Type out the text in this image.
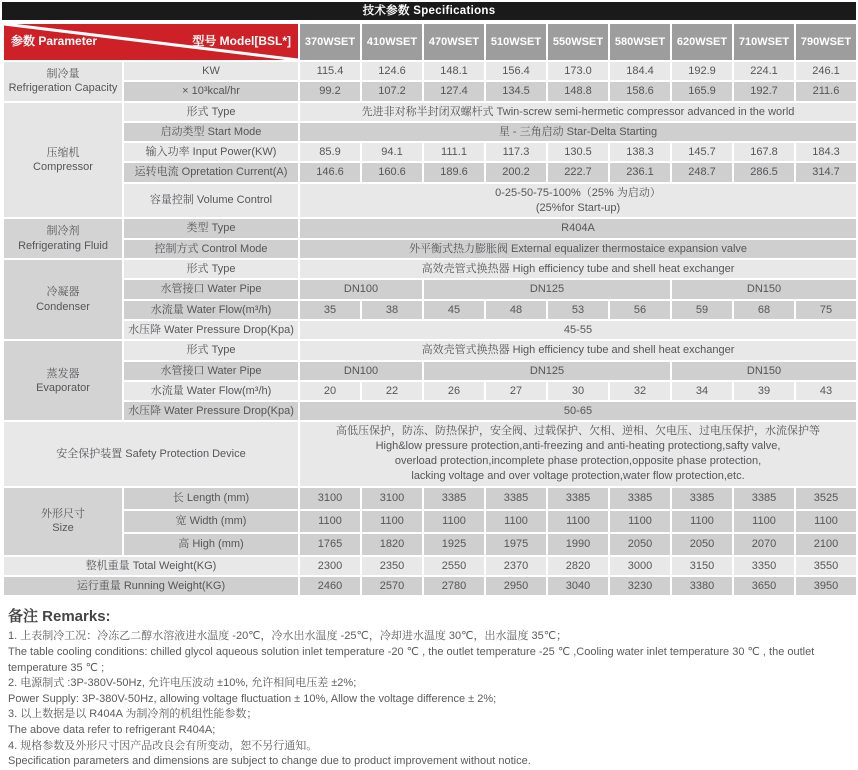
技术参数 Specifications
参数 Parameter 型号 Model[BSL*]		370WSET	410WSET	470WSET	510WSET	550WSET	580WSET	620WSET	710WSET	790WSET
制冷量
Refrigeration Capacity	KW	115.4	124.6	148.1	156.4	173.0	184.4	192.9	224.1	246.1
	× 10³kcal/hr	99.2	107.2	127.4	134.5	148.8	158.6	165.9	192.7	211.6
压缩机
Compressor	形式 Type	先进非对称半封闭双螺杆式 Twin-screw semi-hermetic compressor advanced in the world								
	启动类型 Start Mode	星 - 三角启动 Star-Delta Starting								
	输入功率 Input Power(KW)	85.9	94.1	111.1	117.3	130.5	138.3	145.7	167.8	184.3
	运转电流 Opretation Current(A)	146.6	160.6	189.6	200.2	222.7	236.1	248.7	286.5	314.7
	容量控制 Volume Control	0-25-50-75-100%（25% 为启动）
(25%for Start-up)								
制冷剂
Refrigerating Fluid	类型 Type	R404A								
	控制方式 Control Mode	外平衡式热力膨胀阀 External equalizer thermostaice expansion valve								
冷凝器
Condenser	形式 Type	高效壳管式换热器 High efficiency tube and shell heat exchanger								
	水管接口 Water Pipe	DN100		DN125				DN150		
	水流量 Water Flow(m³/h)	35	38	45	48	53	56	59	68	75
	水压降 Water Pressure Drop(Kpa)	45-55								
蒸发器
Evaporator	形式 Type	高效壳管式换热器 High efficiency tube and shell heat exchanger								
	水管接口 Water Pipe	DN100		DN125				DN150		
	水流量 Water Flow(m³/h)	20	22	26	27	30	32	34	39	43
	水压降 Water Pressure Drop(Kpa)	50-65								
安全保护装置 Safety Protection Device		高低压保护，防冻、防热保护，安全阀、过载保护、欠相、逆相、欠电压、过电压保护，水流保护等
High&low pressure protection,anti-freezing and anti-heating protectiong,safty valve,
overload protection,incomplete phase protection,opposite phase protection,
lacking voltage and over voltage protection,water flow protection,etc.								
外形尺寸
Size	长 Length (mm)	3100	3100	3385	3385	3385	3385	3385	3385	3525
	宽 Width (mm)	1100	1100	1100	1100	1100	1100	1100	1100	1100
	高 High (mm)	1765	1820	1925	1975	1990	2050	2050	2070	2100
整机重量 Total Weight(KG)		2300	2350	2550	2370	2820	3000	3150	3350	3550
运行重量 Running Weight(KG)		2460	2570	2780	2950	3040	3230	3380	3650	3950
备注 Remarks:
1. 上表制冷工况：冷冻乙二醇水溶液进水温度 -20℃，冷水出水温度 -25℃，冷却进水温度 30℃，出水温度 35℃；
The table cooling conditions: chilled glycol aqueous solution inlet temperature -20 ℃ , the outlet temperature -25 ℃ ,Cooling water inlet temperature 30 ℃ , the outlet temperature 35 ℃ ;
2. 电源制式 :3P-380V-50Hz, 允许电压波动 ±10%, 允许相间电压差 ±2%;
Power Supply: 3P-380V-50Hz, allowing voltage fluctuation ± 10%, Allow the voltage difference ± 2%;
3. 以上数据是以 R404A 为制冷剂的机组性能参数；
The above data refer to refrigerant R404A;
4. 规格参数及外形尺寸因产品改良会有所变动，恕不另行通知。
Specification parameters and dimensions are subject to change due to product improvement without notice.
